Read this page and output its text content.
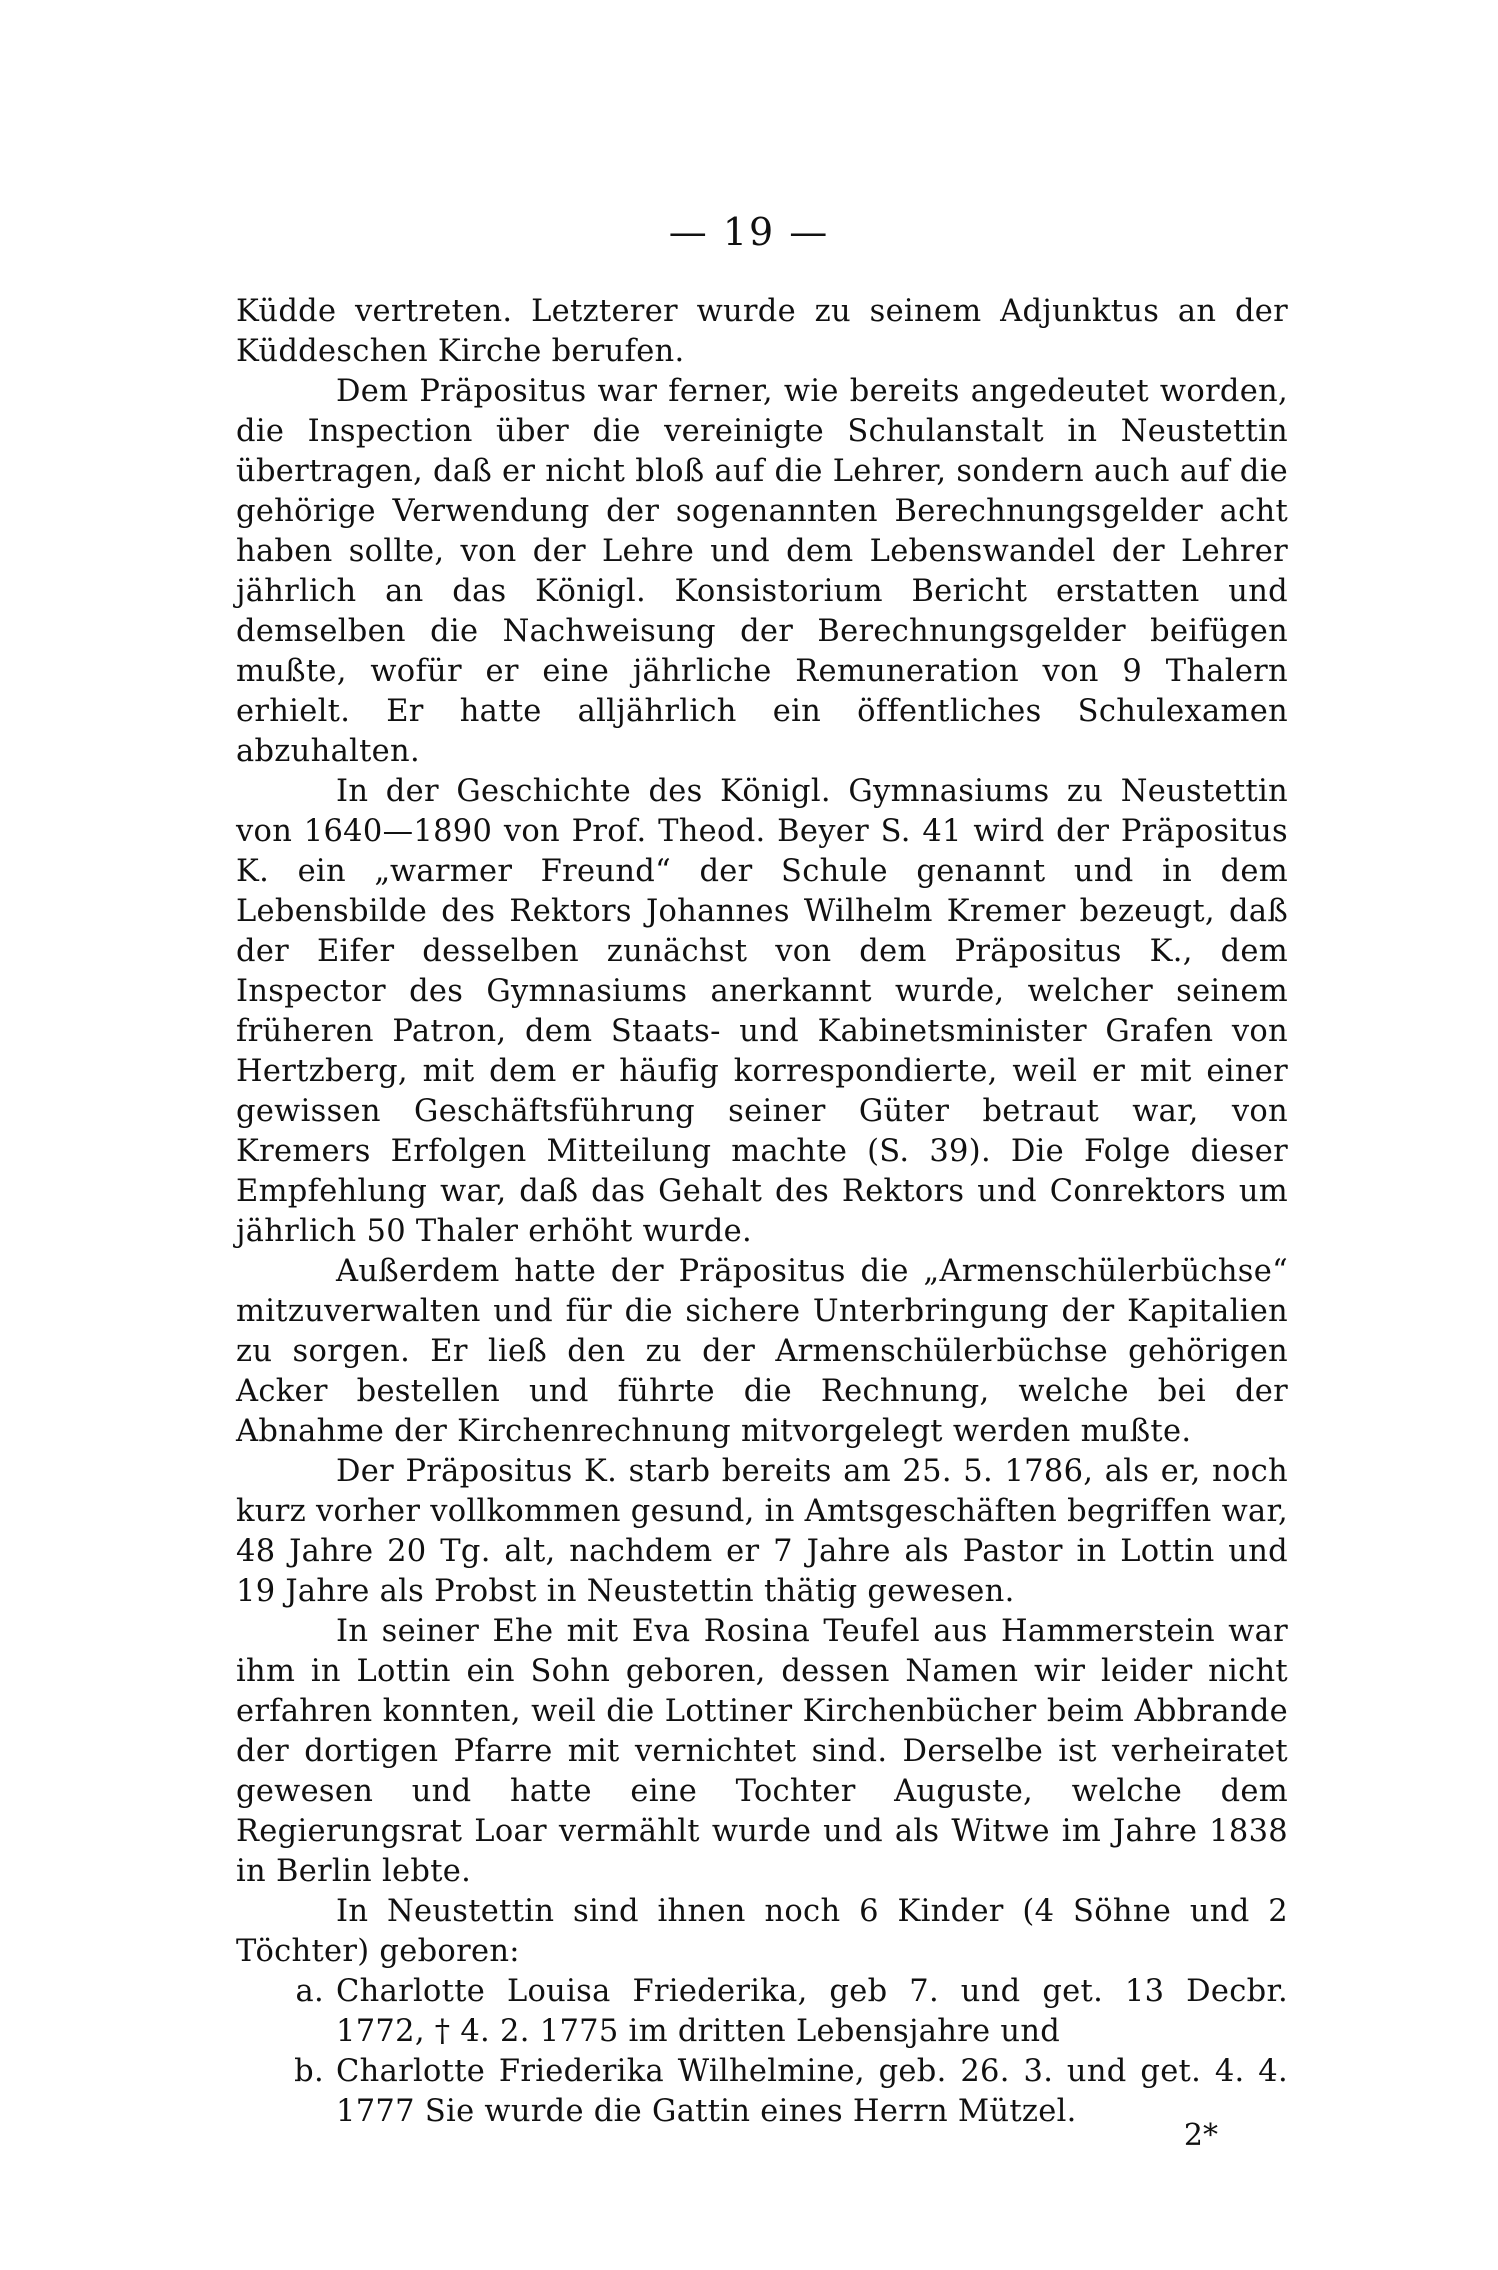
— 19 —

Küdde vertreten. Letzterer wurde zu seinem Adjunktus an der Küddeschen Kirche berufen.

Dem Präpositus war ferner, wie bereits angedeutet worden, die Inspection über die vereinigte Schulanstalt in Neustettin übertragen, daß er nicht bloß auf die Lehrer, sondern auch auf die gehörige Verwendung der sogenannten Berechnungsgelder acht haben sollte, von der Lehre und dem Lebenswandel der Lehrer jährlich an das Königl. Konsistorium Bericht erstatten und demselben die Nachweisung der Berechnungsgelder beifügen mußte, wofür er eine jährliche Remuneration von 9 Thalern erhielt. Er hatte alljährlich ein öffentliches Schulexamen abzuhalten.

In der Geschichte des Königl. Gymnasiums zu Neustettin von 1640—1890 von Prof. Theod. Beyer S. 41 wird der Präpositus K. ein „warmer Freund“ der Schule genannt und in dem Lebensbilde des Rektors Johannes Wilhelm Kremer bezeugt, daß der Eifer desselben zunächst von dem Präpositus K., dem Inspector des Gymnasiums anerkannt wurde, welcher seinem früheren Patron, dem Staats- und Kabinetsminister Grafen von Hertzberg, mit dem er häufig korrespondierte, weil er mit einer gewissen Geschäftsführung seiner Güter betraut war, von Kremers Erfolgen Mitteilung machte (S. 39). Die Folge dieser Empfehlung war, daß das Gehalt des Rektors und Conrektors um jährlich 50 Thaler erhöht wurde.

Außerdem hatte der Präpositus die „Armenschülerbüchse“ mitzuverwalten und für die sichere Unterbringung der Kapitalien zu sorgen. Er ließ den zu der Armenschülerbüchse gehörigen Acker bestellen und führte die Rechnung, welche bei der Abnahme der Kirchenrechnung mitvorgelegt werden mußte.

Der Präpositus K. starb bereits am 25. 5. 1786, als er, noch kurz vorher vollkommen gesund, in Amtsgeschäften begriffen war, 48 Jahre 20 Tg. alt, nachdem er 7 Jahre als Pastor in Lottin und 19 Jahre als Probst in Neustettin thätig gewesen.

In seiner Ehe mit Eva Rosina Teufel aus Hammerstein war ihm in Lottin ein Sohn geboren, dessen Namen wir leider nicht erfahren konnten, weil die Lottiner Kirchenbücher beim Abbrande der dortigen Pfarre mit vernichtet sind. Derselbe ist verheiratet gewesen und hatte eine Tochter Auguste, welche dem Regierungsrat Loar vermählt wurde und als Witwe im Jahre 1838 in Berlin lebte.

In Neustettin sind ihnen noch 6 Kinder (4 Söhne und 2 Töchter) geboren:

a. Charlotte Louisa Friederika, geb 7. und get. 13 Decbr. 1772, † 4. 2. 1775 im dritten Lebensjahre und
b. Charlotte Friederika Wilhelmine, geb. 26. 3. und get. 4. 4. 1777 Sie wurde die Gattin eines Herrn Mützel.
2*
